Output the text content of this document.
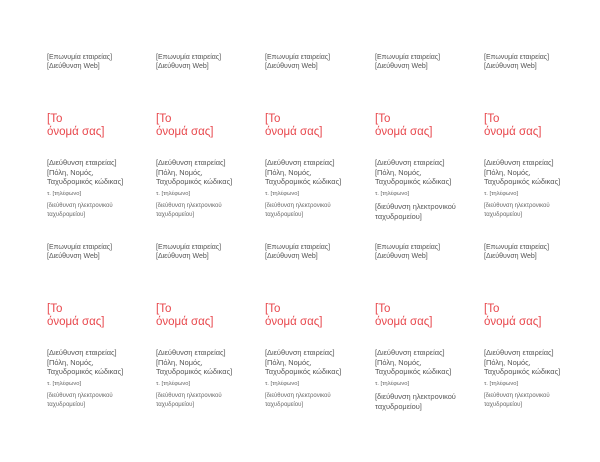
[Επωνυμία εταιρείας]
[Διεύθυνση Web]
[Το
όνομά σας]
[Διεύθυνση εταιρείας]
[Πόλη, Νομός,
Ταχυδρομικός κώδικας]
τ. [τηλέφωνο]
[διεύθυνση ηλεκτρονικού
ταχυδρομείου]
[Επωνυμία εταιρείας]
[Διεύθυνση Web]
[Το
όνομά σας]
[Διεύθυνση εταιρείας]
[Πόλη, Νομός,
Ταχυδρομικός κώδικας]
τ. [τηλέφωνο]
[διεύθυνση ηλεκτρονικού
ταχυδρομείου]
[Επωνυμία εταιρείας]
[Διεύθυνση Web]
[Το
όνομά σας]
[Διεύθυνση εταιρείας]
[Πόλη, Νομός,
Ταχυδρομικός κώδικας]
τ. [τηλέφωνο]
[διεύθυνση ηλεκτρονικού
ταχυδρομείου]
[Επωνυμία εταιρείας]
[Διεύθυνση Web]
[Το
όνομά σας]
[Διεύθυνση εταιρείας]
[Πόλη, Νομός,
Ταχυδρομικός κώδικας]
τ. [τηλέφωνο]
[διεύθυνση ηλεκτρονικού
ταχυδρομείου]
[Επωνυμία εταιρείας]
[Διεύθυνση Web]
[Το
όνομά σας]
[Διεύθυνση εταιρείας]
[Πόλη, Νομός,
Ταχυδρομικός κώδικας]
τ. [τηλέφωνο]
[διεύθυνση ηλεκτρονικού
ταχυδρομείου]
[Επωνυμία εταιρείας]
[Διεύθυνση Web]
[Το
όνομά σας]
[Διεύθυνση εταιρείας]
[Πόλη, Νομός,
Ταχυδρομικός κώδικας]
τ. [τηλέφωνο]
[διεύθυνση ηλεκτρονικού
ταχυδρομείου]
[Επωνυμία εταιρείας]
[Διεύθυνση Web]
[Το
όνομά σας]
[Διεύθυνση εταιρείας]
[Πόλη, Νομός,
Ταχυδρομικός κώδικας]
τ. [τηλέφωνο]
[διεύθυνση ηλεκτρονικού
ταχυδρομείου]
[Επωνυμία εταιρείας]
[Διεύθυνση Web]
[Το
όνομά σας]
[Διεύθυνση εταιρείας]
[Πόλη, Νομός,
Ταχυδρομικός κώδικας]
τ. [τηλέφωνο]
[διεύθυνση ηλεκτρονικού
ταχυδρομείου]
[Επωνυμία εταιρείας]
[Διεύθυνση Web]
[Το
όνομά σας]
[Διεύθυνση εταιρείας]
[Πόλη, Νομός,
Ταχυδρομικός κώδικας]
τ. [τηλέφωνο]
[διεύθυνση ηλεκτρονικού
ταχυδρομείου]
[Επωνυμία εταιρείας]
[Διεύθυνση Web]
[Το
όνομά σας]
[Διεύθυνση εταιρείας]
[Πόλη, Νομός,
Ταχυδρομικός κώδικας]
τ. [τηλέφωνο]
[διεύθυνση ηλεκτρονικού
ταχυδρομείου]
